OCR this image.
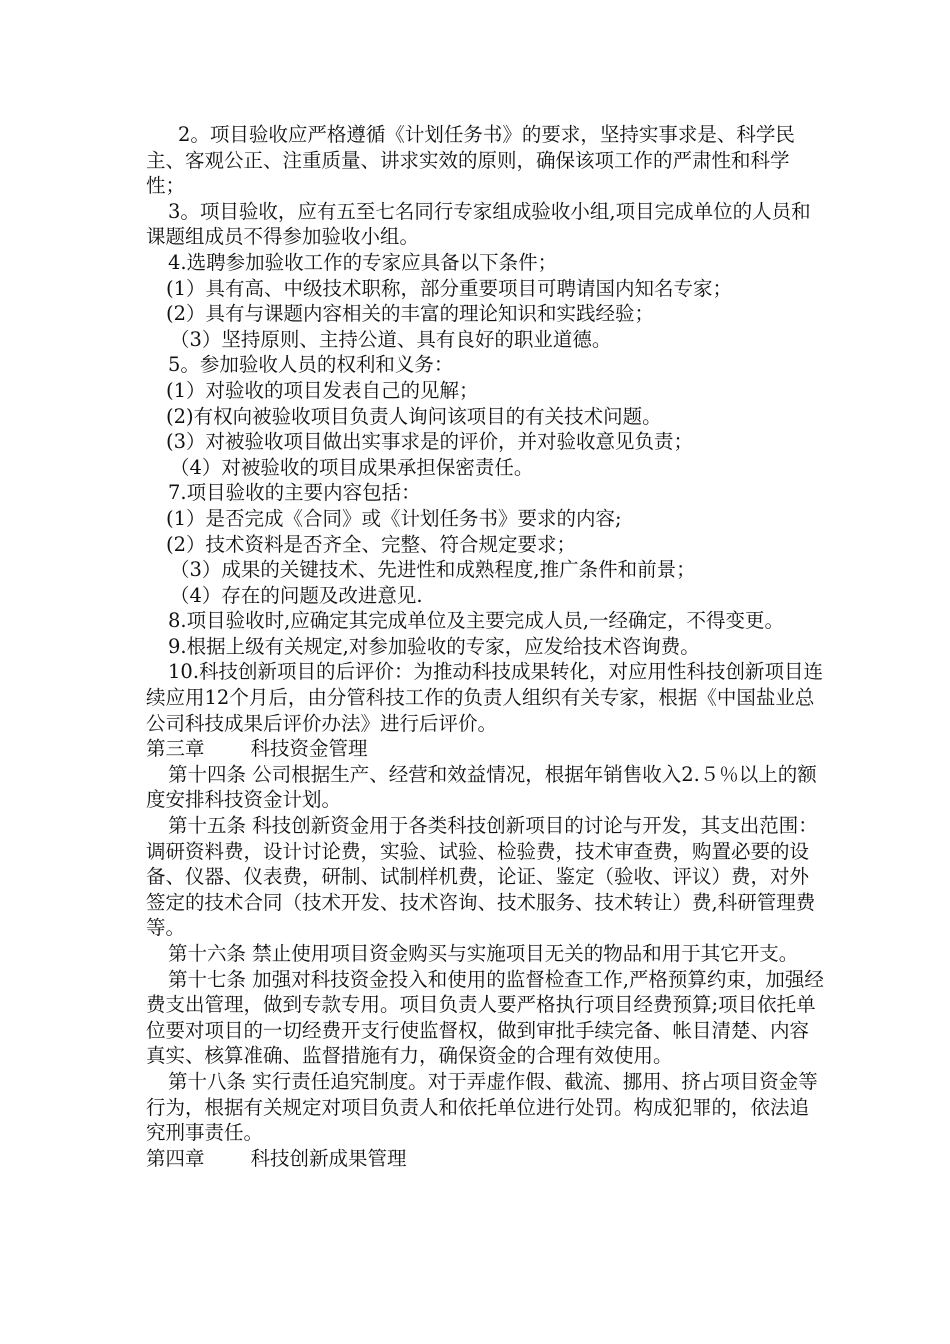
2。项目验收应严格遵循《计划任务书》的要求，坚持实事求是、科学民主、客观公正、注重质量、讲求实效的原则，确保该项工作的严肃性和科学性；

3。项目验收，应有五至七名同行专家组成验收小组,项目完成单位的人员和课题组成员不得参加验收小组。

4.选聘参加验收工作的专家应具备以下条件；

(1）具有高、中级技术职称，部分重要项目可聘请国内知名专家；

(2）具有与课题内容相关的丰富的理论知识和实践经验；

（3）坚持原则、主持公道、具有良好的职业道德。

5。参加验收人员的权利和义务：

(1）对验收的项目发表自己的见解；

(2)有权向被验收项目负责人询问该项目的有关技术问题。

(3）对被验收项目做出实事求是的评价，并对验收意见负责；

（4）对被验收的项目成果承担保密责任。

7.项目验收的主要内容包括：

(1）是否完成《合同》或《计划任务书》要求的内容;

(2）技术资料是否齐全、完整、符合规定要求；

（3）成果的关键技术、先进性和成熟程度,推广条件和前景；

（4）存在的问题及改进意见.

8.项目验收时,应确定其完成单位及主要完成人员,一经确定，不得变更。

9.根据上级有关规定,对参加验收的专家，应发给技术咨询费。

10.科技创新项目的后评价：为推动科技成果转化，对应用性科技创新项目连续应用12个月后，由分管科技工作的负责人组织有关专家，根据《中国盐业总公司科技成果后评价办法》进行后评价。

第三章 科技资金管理

第十四条 公司根据生产、经营和效益情况，根据年销售收入2.５％以上的额度安排科技资金计划。

第十五条 科技创新资金用于各类科技创新项目的讨论与开发，其支出范围：调研资料费，设计讨论费，实验、试验、检验费，技术审查费，购置必要的设备、仪器、仪表费，研制、试制样机费，论证、鉴定（验收、评议）费，对外签定的技术合同（技术开发、技术咨询、技术服务、技术转让）费,科研管理费等。

第十六条 禁止使用项目资金购买与实施项目无关的物品和用于其它开支。

第十七条 加强对科技资金投入和使用的监督检查工作,严格预算约束，加强经费支出管理，做到专款专用。项目负责人要严格执行项目经费预算;项目依托单位要对项目的一切经费开支行使监督权，做到审批手续完备、帐目清楚、内容真实、核算准确、监督措施有力，确保资金的合理有效使用。

第十八条 实行责任追究制度。对于弄虚作假、截流、挪用、挤占项目资金等行为，根据有关规定对项目负责人和依托单位进行处罚。构成犯罪的，依法追究刑事责任。

第四章 科技创新成果管理
